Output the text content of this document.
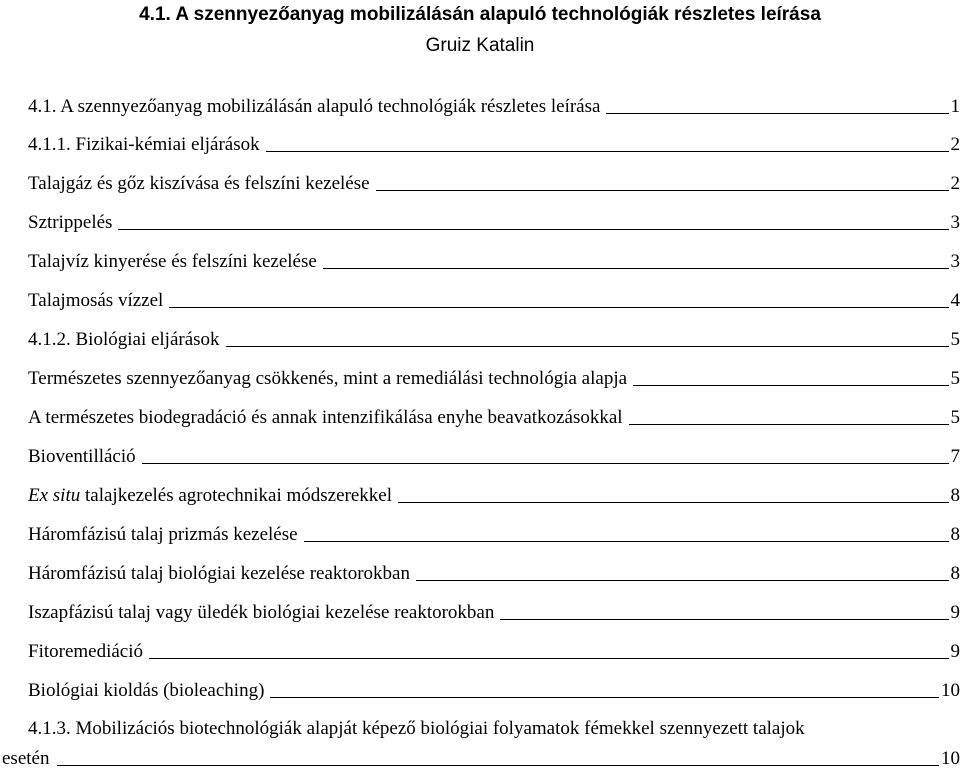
4.1. A szennyezőanyag mobilizálásán alapuló technológiák részletes leírása
Gruiz Katalin
4.1. A szennyezőanyag mobilizálásán alapuló technológiák részletes leírása	1
4.1.1. Fizikai-kémiai eljárások	2
Talajgáz és gőz kiszívása és felszíni kezelése	2
Sztrippelés	3
Talajvíz kinyerése és felszíni kezelése	3
Talajmosás vízzel	4
4.1.2. Biológiai eljárások	5
Természetes szennyezőanyag csökkenés, mint a remediálási technológia alapja	5
A természetes biodegradáció és annak intenzifikálása enyhe beavatkozásokkal	5
Bioventilláció	7
Ex situ talajkezelés agrotechnikai módszerekkel	8
Háromfázisú talaj prizmás kezelése	8
Háromfázisú talaj biológiai kezelése reaktorokban	8
Iszapfázisú talaj vagy üledék biológiai kezelése reaktorokban	9
Fitoremediáció	9
Biológiai kioldás (bioleaching)	10
4.1.3. Mobilizációs biotechnológiák alapját képező biológiai folyamatok fémekkel szennyezett talajok
esetén	10
